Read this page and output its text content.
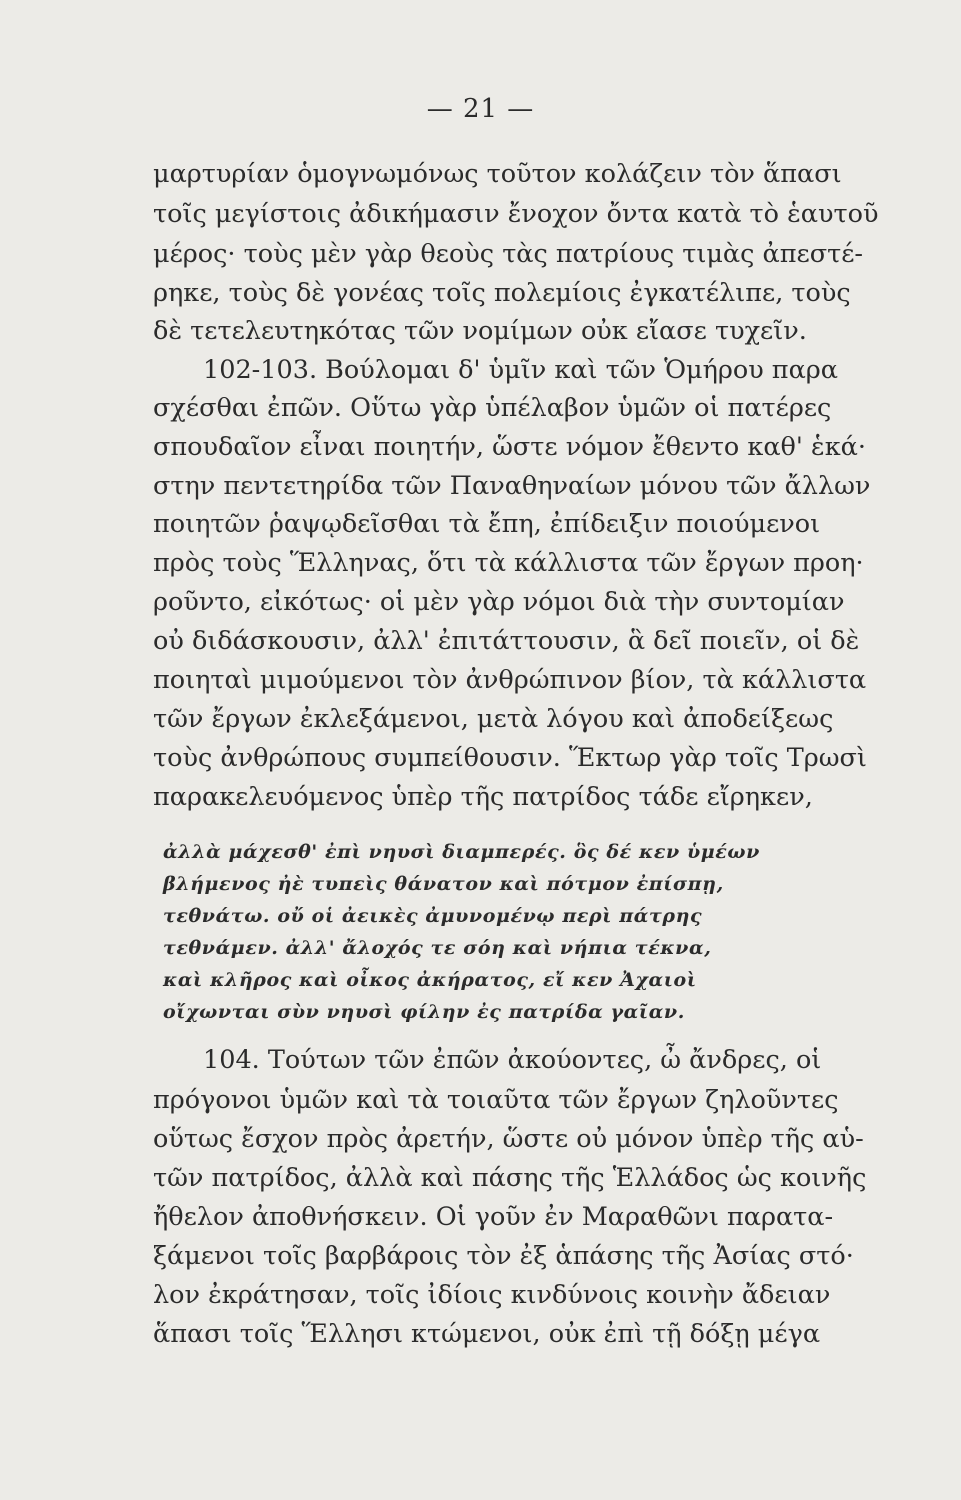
— 21 —
μαρτυρίαν ὁμογνωμόνως τοῦτον κολάζειν τὸν ἅπασι
τοῖς μεγίστοις ἀδικήμασιν ἔνοχον ὄντα κατὰ τὸ ἑαυτοῦ
μέρος· τοὺς μὲν γὰρ θεοὺς τὰς πατρίους τιμὰς ἀπεστέ-
ρηκε, τοὺς δὲ γονέας τοῖς πολεμίοις ἐγκατέλιπε, τοὺς
δὲ τετελευτηκότας τῶν νομίμων οὐκ εἴασε τυχεῖν.
102-103. Βούλομαι δ' ὑμῖν καὶ τῶν Ὁμήρου παρα
σχέσθαι ἐπῶν. Οὕτω γὰρ ὑπέλαβον ὑμῶν οἱ πατέρες
σπουδαῖον εἶναι ποιητήν, ὥστε νόμον ἔθεντο καθ' ἑκά·
στην πεντετηρίδα τῶν Παναθηναίων μόνου τῶν ἄλλων
ποιητῶν ῥαψῳδεῖσθαι τὰ ἔπη, ἐπίδειξιν ποιούμενοι
πρὸς τοὺς Ἕλληνας, ὅτι τὰ κάλλιστα τῶν ἔργων προη·
ροῦντο, εἰκότως· οἱ μὲν γὰρ νόμοι διὰ τὴν συντομίαν
οὐ διδάσκουσιν, ἀλλ' ἐπιτάττουσιν, ἃ δεῖ ποιεῖν, οἱ δὲ
ποιηταὶ μιμούμενοι τὸν ἀνθρώπινον βίον, τὰ κάλλιστα
τῶν ἔργων ἐκλεξάμενοι, μετὰ λόγου καὶ ἀποδείξεως
τοὺς ἀνθρώπους συμπείθουσιν. Ἕκτωρ γὰρ τοῖς Τρωσὶ
παρακελευόμενος ὑπὲρ τῆς πατρίδος τάδε εἴρηκεν,
ἀλλὰ μάχεσθ' ἐπὶ νηυσὶ διαμπερές. ὃς δέ κεν ὑμέων
βλήμενος ἠὲ τυπεὶς θάνατον καὶ πότμον ἐπίσπῃ,
τεθνάτω. οὔ οἱ ἀεικὲς ἀμυνομένῳ περὶ πάτρης
τεθνάμεν. ἀλλ' ἄλοχός τε σόη καὶ νήπια τέκνα,
καὶ κλῆρος καὶ οἶκος ἀκήρατος, εἴ κεν Ἀχαιοὶ
οἴχωνται σὺν νηυσὶ φίλην ἐς πατρίδα γαῖαν.
104. Τούτων τῶν ἐπῶν ἀκούοντες, ὦ ἄνδρες, οἱ
πρόγονοι ὑμῶν καὶ τὰ τοιαῦτα τῶν ἔργων ζηλοῦντες
οὕτως ἔσχον πρὸς ἀρετήν, ὥστε οὐ μόνον ὑπὲρ τῆς αὑ-
τῶν πατρίδος, ἀλλὰ καὶ πάσης τῆς Ἑλλάδος ὡς κοινῆς
ἤθελον ἀποθνήσκειν. Οἱ γοῦν ἐν Μαραθῶνι παρατα-
ξάμενοι τοῖς βαρβάροις τὸν ἐξ ἁπάσης τῆς Ἀσίας στό·
λον ἐκράτησαν, τοῖς ἰδίοις κινδύνοις κοινὴν ἄδειαν
ἅπασι τοῖς Ἕλλησι κτώμενοι, οὐκ ἐπὶ τῇ δόξῃ μέγα
